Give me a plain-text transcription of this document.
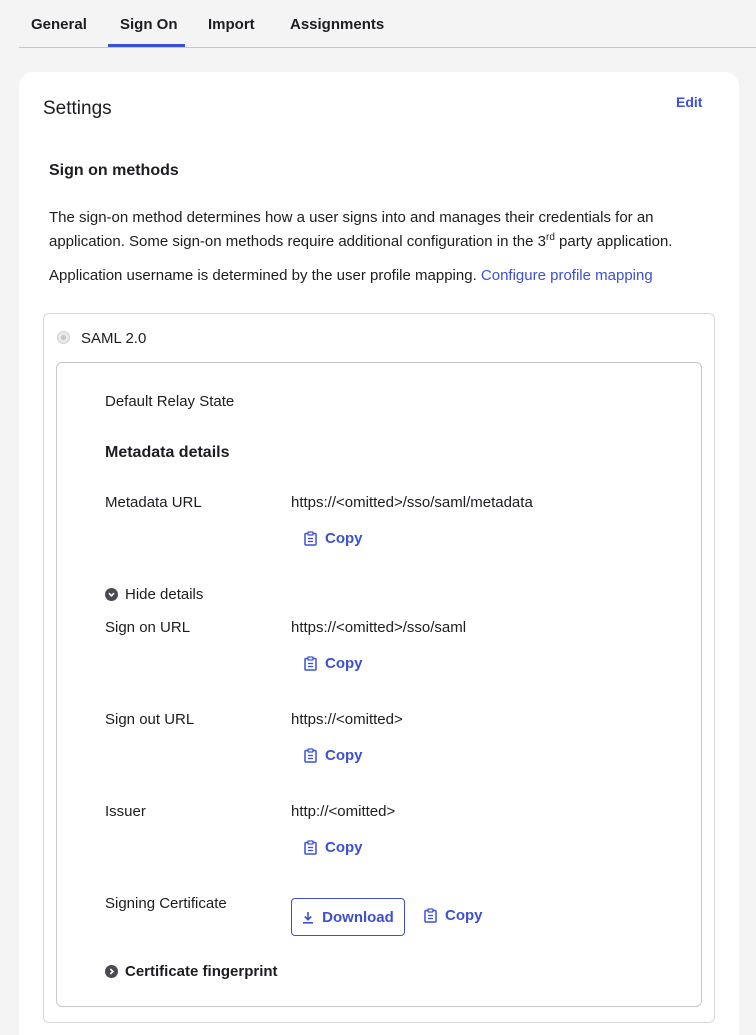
General Sign On Import Assignments
Settings	Edit
Sign on methods
The sign-on method determines how a user signs into and manages their credentials for an application. Some sign-on methods require additional configuration in the 3rd party application.
Application username is determined by the user profile mapping. Configure profile mapping
SAML 2.0
Default Relay State
Metadata details
Metadata URL	https://<omitted>/sso/saml/metadata
Copy
Hide details
Sign on URL	https://<omitted>/sso/saml
Copy
Sign out URL	https://<omitted>
Copy
Issuer	http://<omitted>
Copy
Signing Certificate
Download	Copy
Certificate fingerprint
